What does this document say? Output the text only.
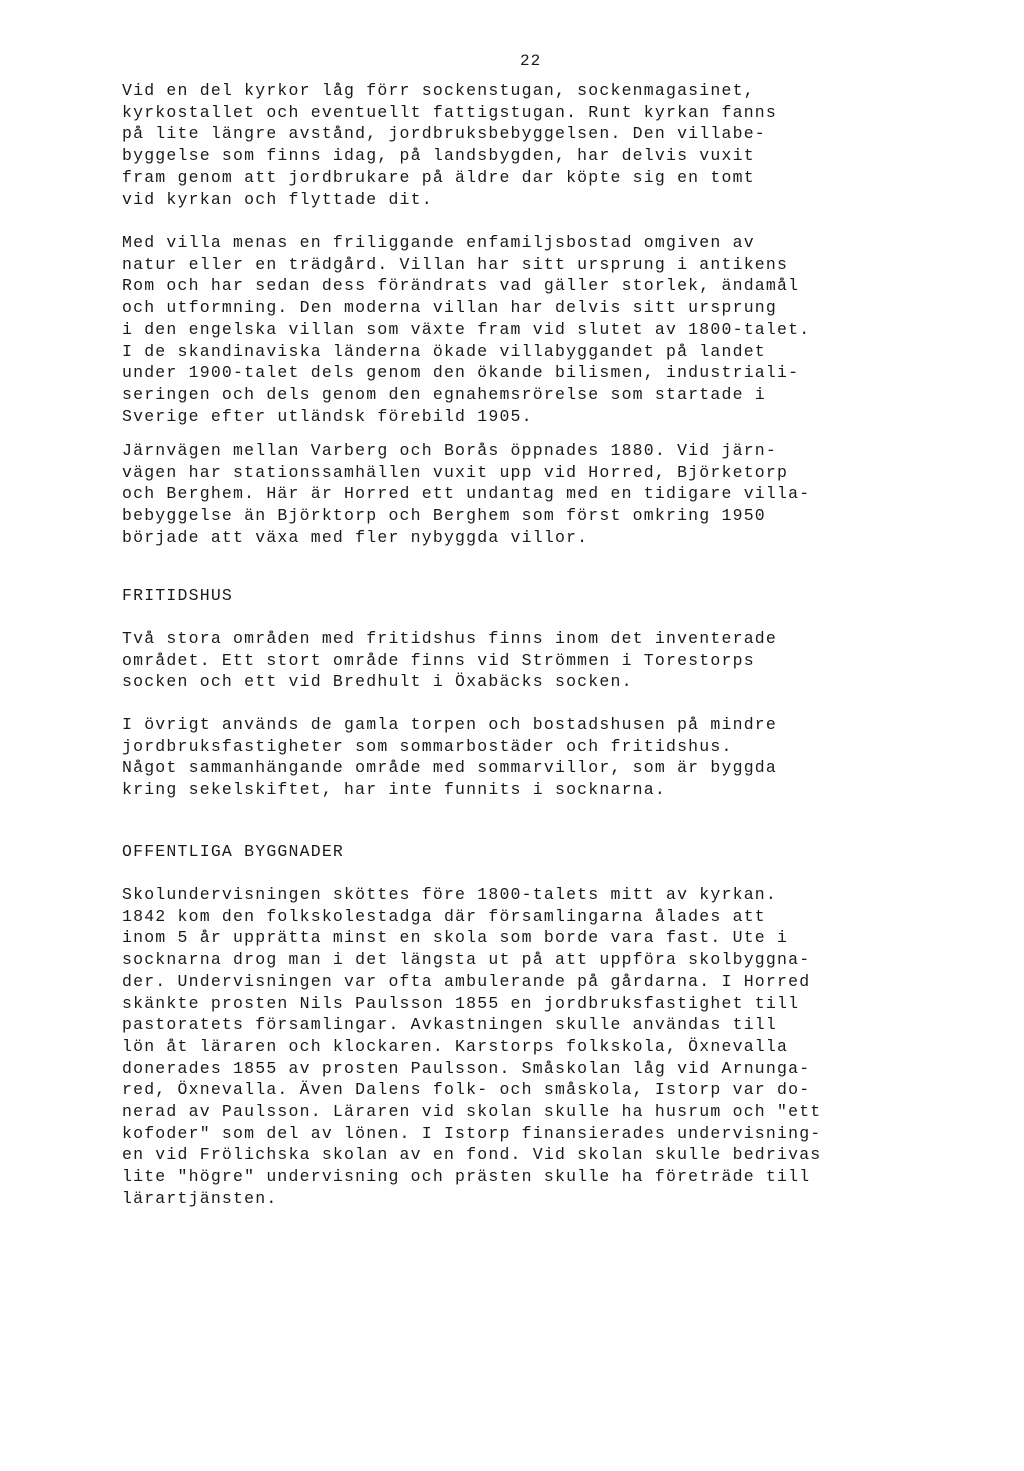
22

Vid en del kyrkor låg förr sockenstugan, sockenmagasinet,
kyrkostallet och eventuellt fattigstugan. Runt kyrkan fanns
på lite längre avstånd, jordbruksbebyggelsen. Den villabe-
byggelse som finns idag, på landsbygden, har delvis vuxit
fram genom att jordbrukare på äldre dar köpte sig en tomt
vid kyrkan och flyttade dit.

Med villa menas en friliggande enfamiljsbostad omgiven av
natur eller en trädgård. Villan har sitt ursprung i antikens
Rom och har sedan dess förändrats vad gäller storlek, ändamål
och utformning. Den moderna villan har delvis sitt ursprung
i den engelska villan som växte fram vid slutet av 1800-talet.
I de skandinaviska länderna ökade villabyggandet på landet
under 1900-talet dels genom den ökande bilismen, industriali-
seringen och dels genom den egnahemsrörelse som startade i
Sverige efter utländsk förebild 1905.

Järnvägen mellan Varberg och Borås öppnades 1880. Vid järn-
vägen har stationssamhällen vuxit upp vid Horred, Björketorp
och Berghem. Här är Horred ett undantag med en tidigare villa-
bebyggelse än Björktorp och Berghem som först omkring 1950
började att växa med fler nybyggda villor.

FRITIDSHUS

Två stora områden med fritidshus finns inom det inventerade
området. Ett stort område finns vid Strömmen i Torestorps
socken och ett vid Bredhult i Öxabäcks socken.

I övrigt används de gamla torpen och bostadshusen på mindre
jordbruksfastigheter som sommarbostäder och fritidshus.
Något sammanhängande område med sommarvillor, som är byggda
kring sekelskiftet, har inte funnits i socknarna.

OFFENTLIGA BYGGNADER

Skolundervisningen sköttes före 1800-talets mitt av kyrkan.
1842 kom den folkskolestadga där församlingarna ålades att
inom 5 år upprätta minst en skola som borde vara fast. Ute i
socknarna drog man i det längsta ut på att uppföra skolbyggna-
der. Undervisningen var ofta ambulerande på gårdarna. I Horred
skänkte prosten Nils Paulsson 1855 en jordbruksfastighet till
pastoratets församlingar. Avkastningen skulle användas till
lön åt läraren och klockaren. Karstorps folkskola, Öxnevalla
donerades 1855 av prosten Paulsson. Småskolan låg vid Arnunga-
red, Öxnevalla. Även Dalens folk- och småskola, Istorp var do-
nerad av Paulsson. Läraren vid skolan skulle ha husrum och "ett
kofoder" som del av lönen. I Istorp finansierades undervisning-
en vid Frölichska skolan av en fond. Vid skolan skulle bedrivas
lite "högre" undervisning och prästen skulle ha företräde till
lärartjänsten.
